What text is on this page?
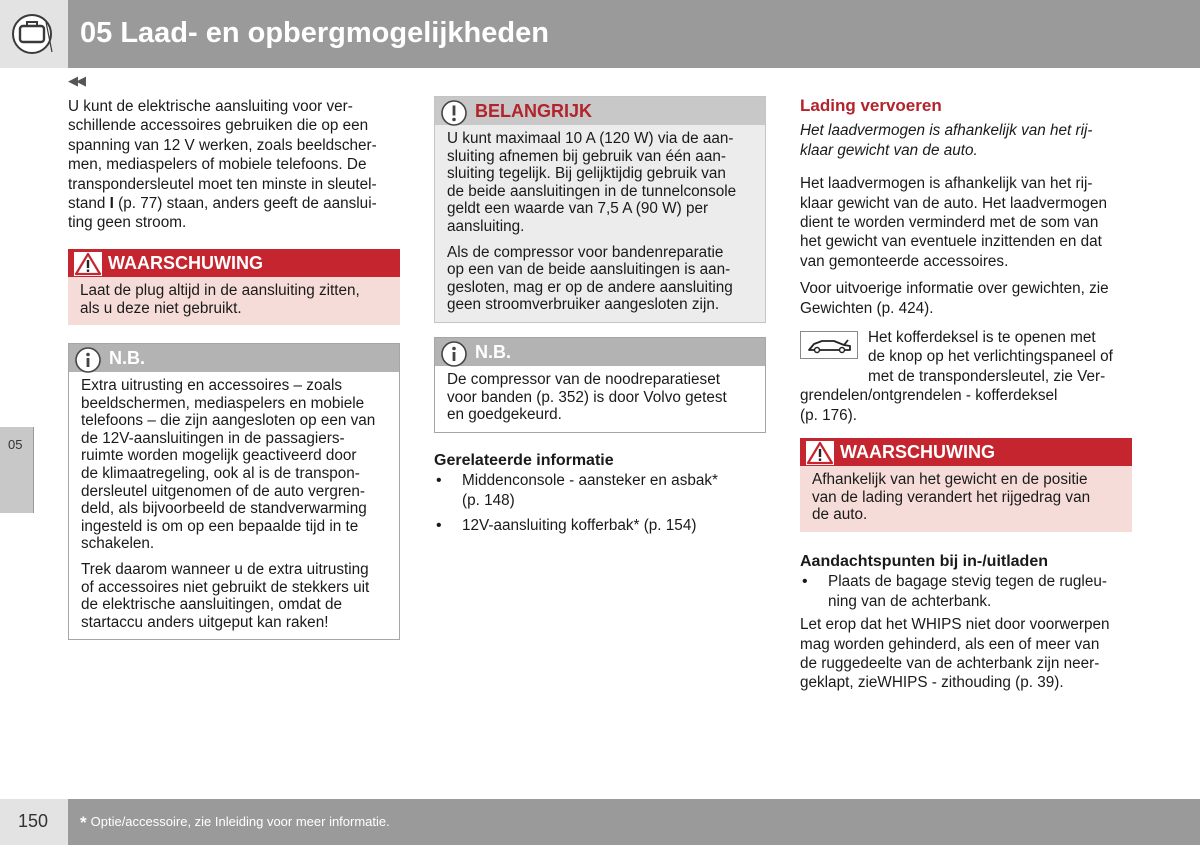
05 Laad- en opbergmogelijkheden
◀◀
05

U kunt de elektrische aansluiting voor ver-
schillende accessoires gebruiken die op een
spanning van 12 V werken, zoals beeldscher-
men, mediaspelers of mobiele telefoons. De
transpondersleutel moet ten minste in sleutel-
stand I (p. 77) staan, anders geeft de aanslui-
ting geen stroom.

WAARSCHUWING
Laat de plug altijd in de aansluiting zitten,
als u deze niet gebruikt.
N.B.

Extra uitrusting en accessoires – zoals
beeldschermen, mediaspelers en mobiele
telefoons – die zijn aangesloten op een van
de 12V-aansluitingen in de passagiers-
ruimte worden mogelijk geactiveerd door
de klimaatregeling, ook al is de transpon-
dersleutel uitgenomen of de auto vergren-
deld, als bijvoorbeeld de standverwarming
ingesteld is om op een bepaalde tijd in te
schakelen.

Trek daarom wanneer u de extra uitrusting
of accessoires niet gebruikt de stekkers uit
de elektrische aansluitingen, omdat de
startaccu anders uitgeput kan raken!

BELANGRIJK

U kunt maximaal 10 A (120 W) via de aan-
sluiting afnemen bij gebruik van één aan-
sluiting tegelijk. Bij gelijktijdig gebruik van
de beide aansluitingen in de tunnelconsole
geldt een waarde van 7,5 A (90 W) per
aansluiting.

Als de compressor voor bandenreparatie
op een van de beide aansluitingen is aan-
gesloten, mag er op de andere aansluiting
geen stroomverbruiker aangesloten zijn.

N.B.
De compressor van de noodreparatieset
voor banden (p. 352) is door Volvo getest
en goedgekeurd.
Gerelateerde informatie
• Middenconsole - aansteker en asbak*
(p. 148)
• 12V-aansluiting kofferbak* (p. 154)
Lading vervoeren

Het laadvermogen is afhankelijk van het rij-
klaar gewicht van de auto.

Het laadvermogen is afhankelijk van het rij-
klaar gewicht van de auto. Het laadvermogen
dient te worden verminderd met de som van
het gewicht van eventuele inzittenden en dat
van gemonteerde accessoires.

Voor uitvoerige informatie over gewichten, zie
Gewichten (p. 424).

Het kofferdeksel is te openen met
de knop op het verlichtingspaneel of
met de transpondersleutel, zie Ver-
grendelen/ontgrendelen - kofferdeksel
(p. 176).
WAARSCHUWING
Afhankelijk van het gewicht en de positie
van de lading verandert het rijgedrag van
de auto.
Aandachtspunten bij in-/uitladen
• Plaats de bagage stevig tegen de rugleu-
ning van de achterbank.

Let erop dat het WHIPS niet door voorwerpen
mag worden gehinderd, als een of meer van
de ruggedeelte van de achterbank zijn neer-
geklapt, zieWHIPS - zithouding (p. 39).

150 * Optie/accessoire, zie Inleiding voor meer informatie.
